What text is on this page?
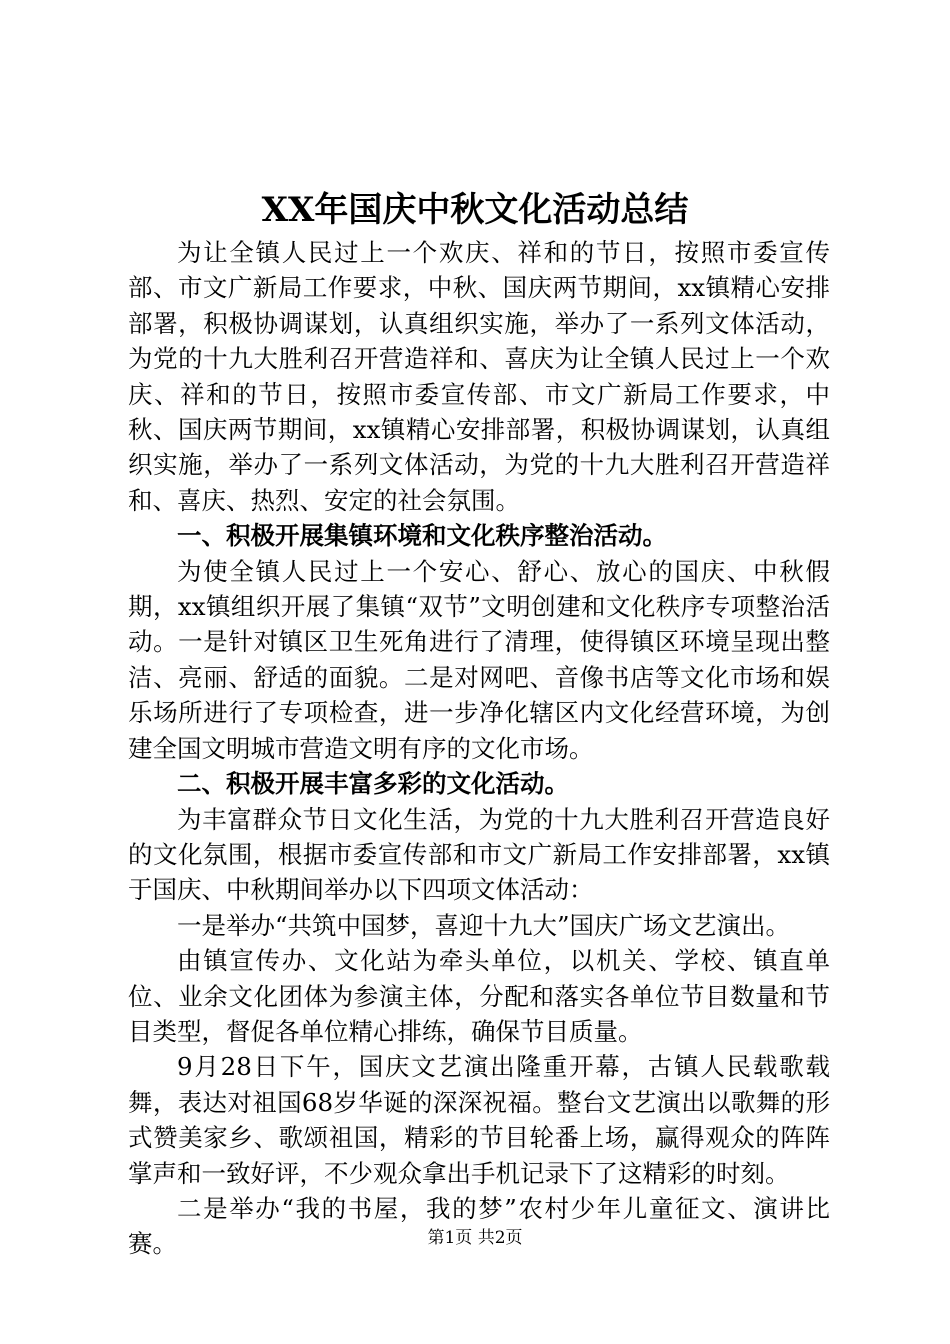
XX年国庆中秋文化活动总结

为让全镇人民过上一个欢庆、祥和的节日，按照市委宣传部、市文广新局工作要求，中秋、国庆两节期间，xx镇精心安排部署，积极协调谋划，认真组织实施，举办了一系列文体活动，为党的十九大胜利召开营造祥和、喜庆为让全镇人民过上一个欢庆、祥和的节日，按照市委宣传部、市文广新局工作要求，中秋、国庆两节期间，xx镇精心安排部署，积极协调谋划，认真组织实施，举办了一系列文体活动，为党的十九大胜利召开营造祥和、喜庆、热烈、安定的社会氛围。

一、积极开展集镇环境和文化秩序整治活动。

为使全镇人民过上一个安心、舒心、放心的国庆、中秋假期，xx镇组织开展了集镇“双节”文明创建和文化秩序专项整治活动。一是针对镇区卫生死角进行了清理，使得镇区环境呈现出整洁、亮丽、舒适的面貌。二是对网吧、音像书店等文化市场和娱乐场所进行了专项检查，进一步净化辖区内文化经营环境，为创建全国文明城市营造文明有序的文化市场。

二、积极开展丰富多彩的文化活动。

为丰富群众节日文化生活，为党的十九大胜利召开营造良好的文化氛围，根据市委宣传部和市文广新局工作安排部署，xx镇于国庆、中秋期间举办以下四项文体活动：

一是举办“共筑中国梦，喜迎十九大”国庆广场文艺演出。

由镇宣传办、文化站为牵头单位，以机关、学校、镇直单位、业余文化团体为参演主体，分配和落实各单位节目数量和节目类型，督促各单位精心排练，确保节目质量。

9月28日下午，国庆文艺演出隆重开幕，古镇人民载歌载舞，表达对祖国68岁华诞的深深祝福。整台文艺演出以歌舞的形式赞美家乡、歌颂祖国，精彩的节目轮番上场，赢得观众的阵阵掌声和一致好评，不少观众拿出手机记录下了这精彩的时刻。

二是举办“我的书屋，我的梦”农村少年儿童征文、演讲比赛。	第1页 共2页
